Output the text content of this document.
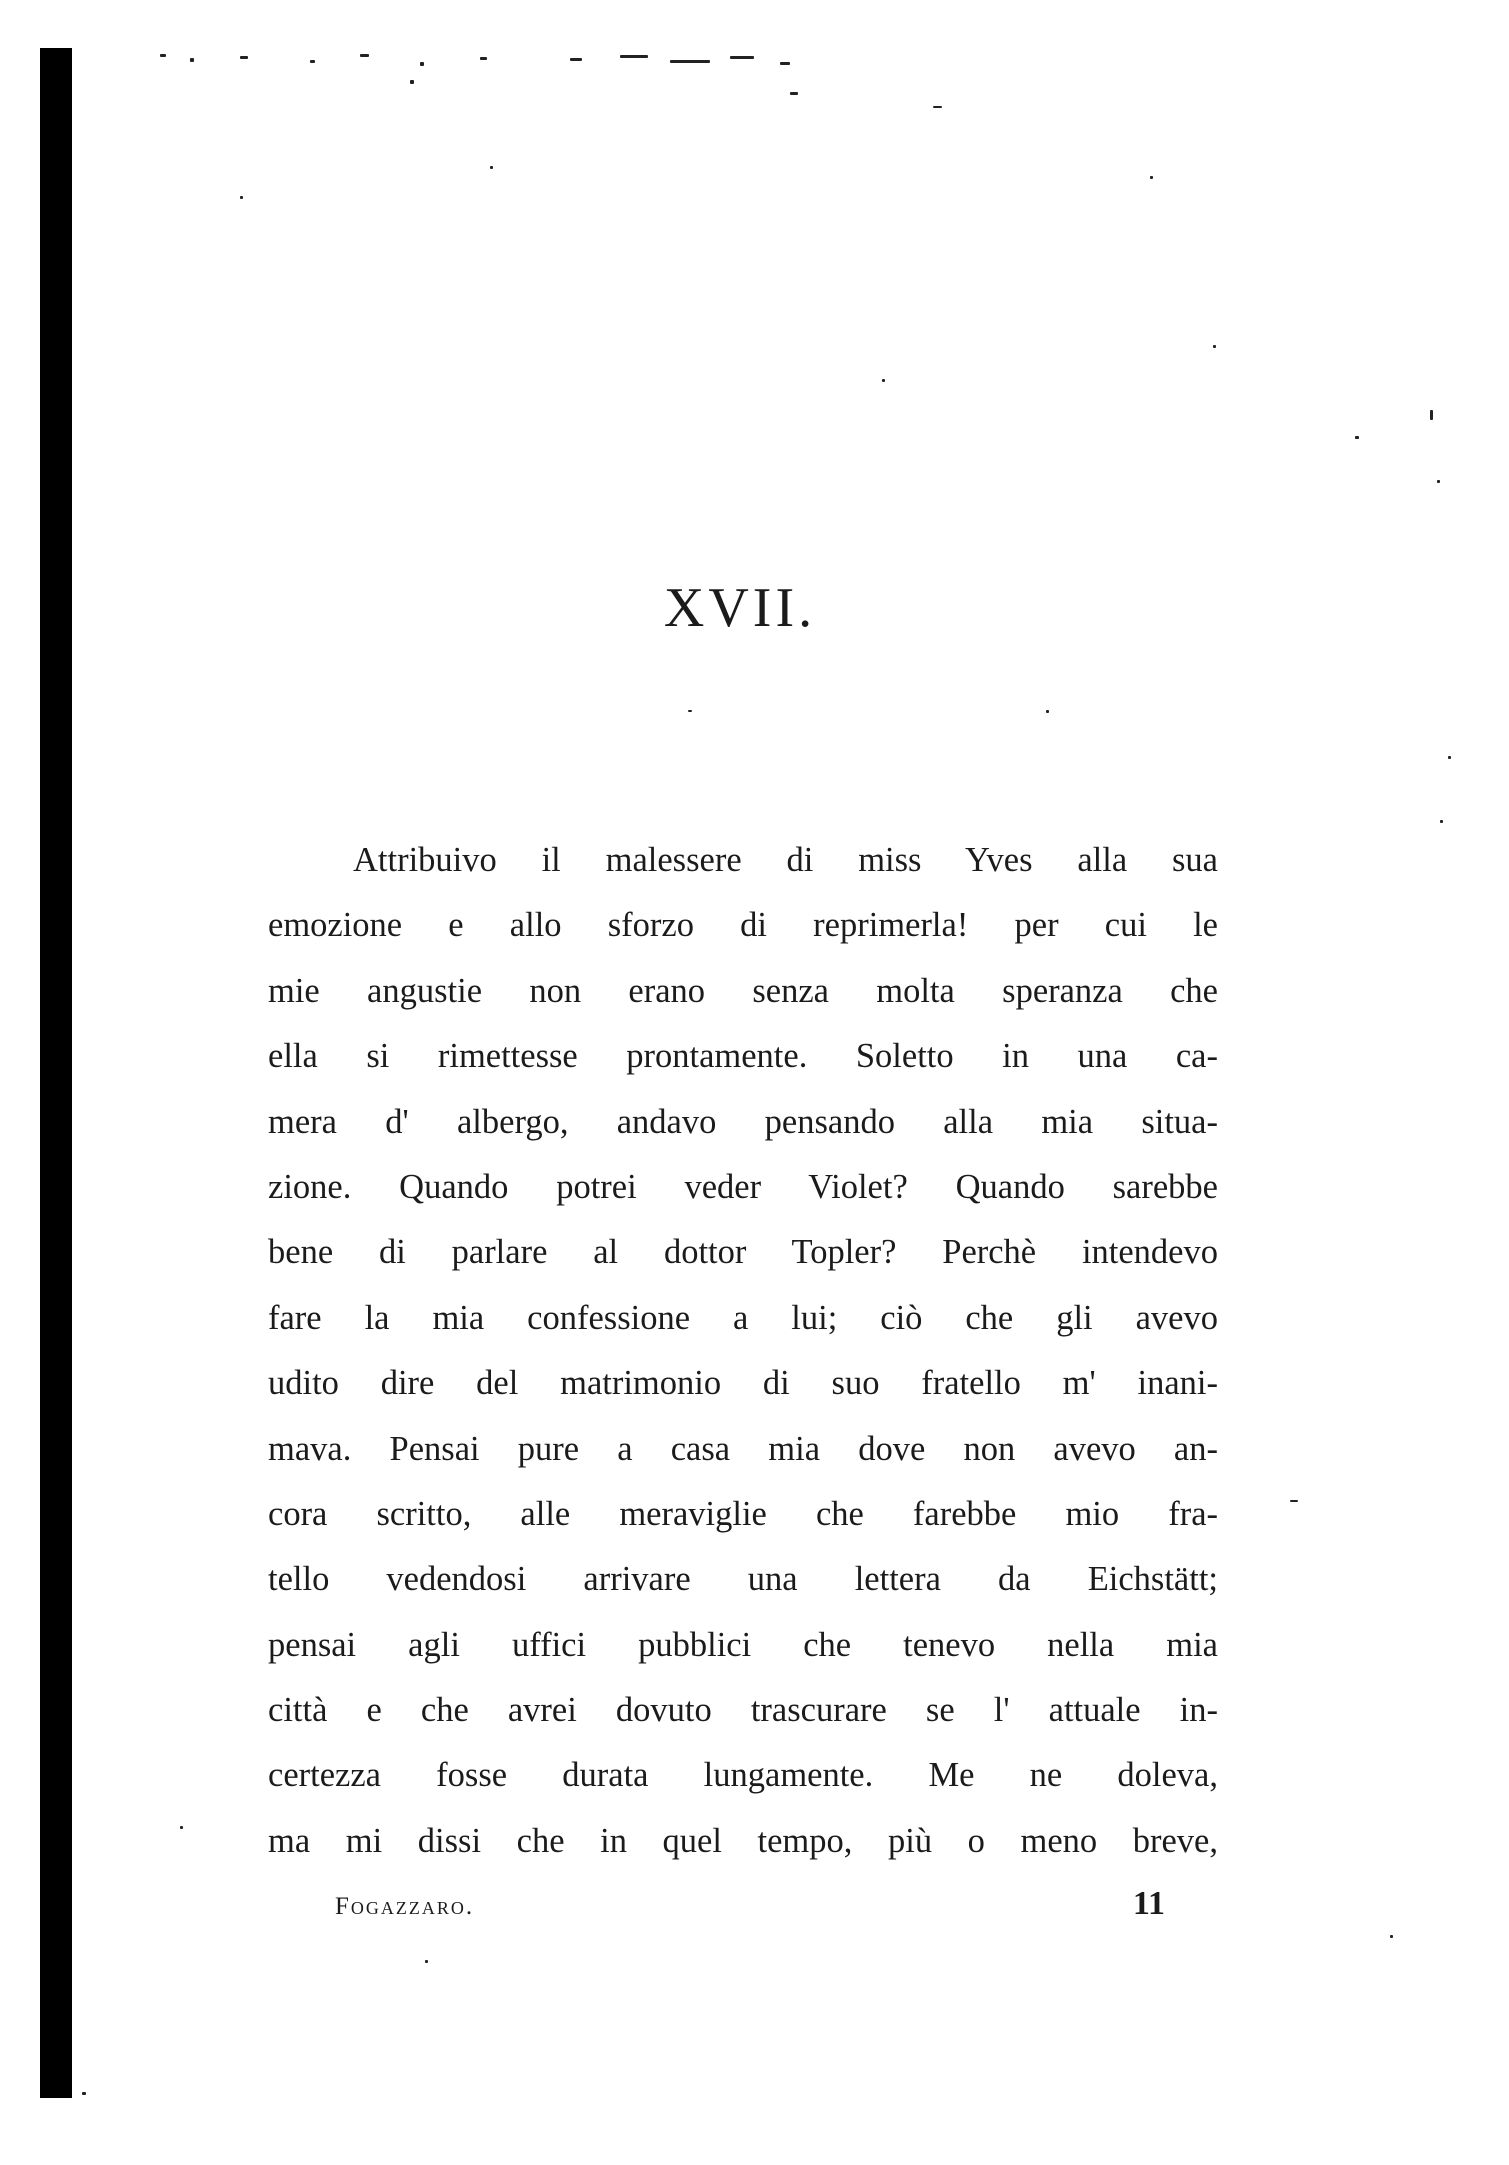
XVII.
Attribuivo il malessere di miss Yves alla sua
emozione e allo sforzo di reprimerla! per cui le
mie angustie non erano senza molta speranza che
ella si rimettesse prontamente. Soletto in una ca-
mera d' albergo, andavo pensando alla mia situa-
zione. Quando potrei veder Violet? Quando sarebbe
bene di parlare al dottor Topler? Perchè intendevo
fare la mia confessione a lui; ciò che gli avevo
udito dire del matrimonio di suo fratello m' inani-
mava. Pensai pure a casa mia dove non avevo an-
cora scritto, alle meraviglie che farebbe mio fra-
tello vedendosi arrivare una lettera da Eichstätt;
pensai agli uffici pubblici che tenevo nella mia
città e che avrei dovuto trascurare se l' attuale in-
certezza fosse durata lungamente. Me ne doleva,
ma mi dissi che in quel tempo, più o meno breve,
Fogazzaro.	11
